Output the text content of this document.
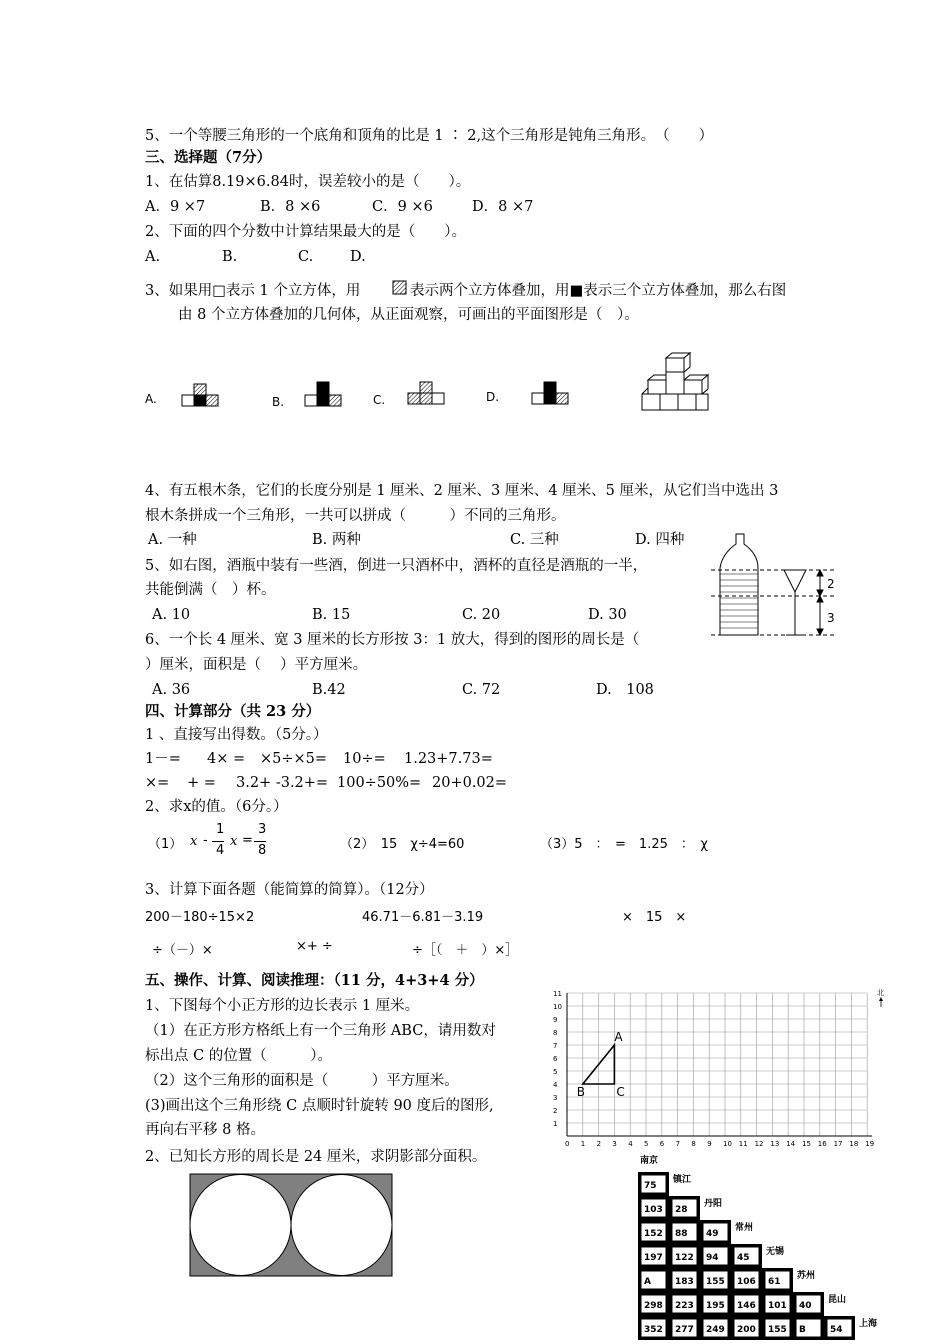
5、一个等腰三角形的一个底角和顶角的比是 1 ∶ 2,这个三角形是钝角三角形。　（　　）
三、选择题（7分）
1、在估算8.19×6.84时，误差较小的是（　　）。
A．9 ×7	B．8 ×6	C．9 ×6	D．8 ×7
2、下面的四个分数中计算结果最大的是（　　）。
A.	B.	C.	D.
3、如果用□表示 1 个立方体，用	表示两个立方体叠加，用■表示三个立方体叠加，那么右图
由 8 个立方体叠加的几何体，从正面观察，可画出的平面图形是（　）。
A.	B.	C.	D.
4、有五根木条，它们的长度分别是 1 厘米、2 厘米、3 厘米、4 厘米、5 厘米，从它们当中选出 3
根木条拼成一个三角形，一共可以拼成（　　　）不同的三角形。
A. 一种	B. 两种	C. 三种	D. 四种
5、如右图，酒瓶中装有一些酒，倒进一只酒杯中，酒杯的直径是酒瓶的一半，
共能倒满（　）杯。
A. 10	B. 15	C. 20	D. 30
2
3
6、一个长 4 厘米、宽 3 厘米的长方形按 3：1 放大，得到的图形的周长是（
）厘米，面积是（　 ）平方厘米。
A. 36	B.42	C. 72	D.　108
四、计算部分（共 23 分）
1 、直接写出得数。（5分。）
1－= 4× = ×5÷×5= 10÷= 1.23+7.73=
×= + = 3.2+ -3.2+= 100÷50%= 20+0.02=
2、求x的值。（6分。）
（1） x -
1
4
x =
3
8	（2）　15　χ÷4=60	（3）5　：　=　1.25　：　χ
3、计算下面各题（能简算的简算）。（12分）
200－180÷15×2	46.71－6.81－3.19	×　15　×
÷（－）×	×+ ÷	÷［（　＋　）×］
五、操作、计算、阅读推理：（11 分，4+3+4 分）
1、下图每个小正方形的边长表示 1 厘米。
（1）在正方形方格纸上有一个三角形 ABC，请用数对
标出点 C 的位置（　　　）。
（2）这个三角形的面积是（　　　）平方厘米。
(3)画出这个三角形绕 C 点顺时针旋转 90 度后的图形,
再向右平移 8 格。
2、已知长方形的周长是 24 厘米，求阴影部分面积。
0 1 2 3 4 5 6 7 8 9 10 11 12 13 14 15 16 17 18 19
1
2
3
4
5
6
7
8
9
10
11
A
B	C
北
南京
75
镇江
103 28
丹阳
152 88 49
常州
197 122 94 45
无锡
A	183 155 106 61
苏州
298 223 195 146 101 40
昆山
352 277 249 200 155 B	54
上海
